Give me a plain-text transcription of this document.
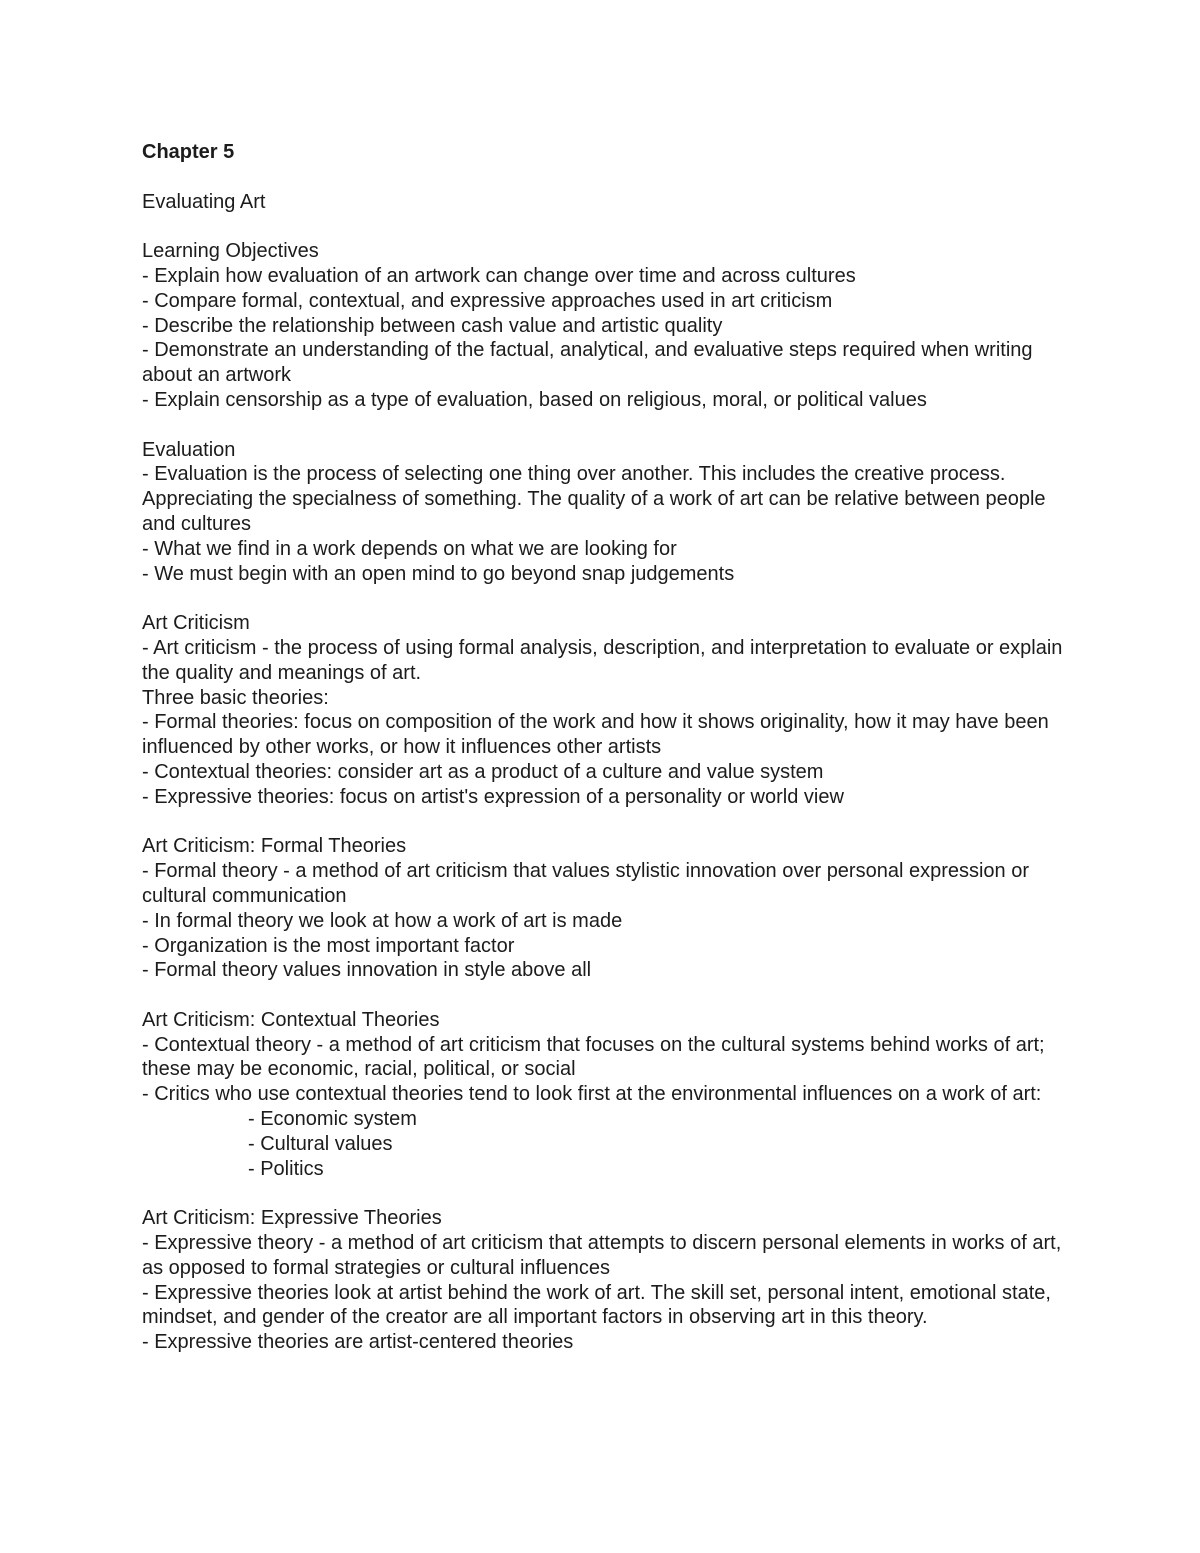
Chapter 5

Evaluating Art

Learning Objectives

- Explain how evaluation of an artwork can change over time and across cultures

- Compare formal, contextual, and expressive approaches used in art criticism

- Describe the relationship between cash value and artistic quality

- Demonstrate an understanding of the factual, analytical, and evaluative steps required when writing about an artwork

- Explain censorship as a type of evaluation, based on religious, moral, or political values

Evaluation

- Evaluation is the process of selecting one thing over another. This includes the creative process. Appreciating the specialness of something. The quality of a work of art can be relative between people and cultures

- What we find in a work depends on what we are looking for

- We must begin with an open mind to go beyond snap judgements

Art Criticism

- Art criticism - the process of using formal analysis, description, and interpretation to evaluate or explain the quality and meanings of art.

Three basic theories:

- Formal theories: focus on composition of the work and how it shows originality, how it may have been influenced by other works, or how it influences other artists

- Contextual theories: consider art as a product of a culture and value system

- Expressive theories: focus on artist's expression of a personality or world view

Art Criticism: Formal Theories

- Formal theory - a method of art criticism that values stylistic innovation over personal expression or cultural communication

- In formal theory we look at how a work of art is made

- Organization is the most important factor

- Formal theory values innovation in style above all

Art Criticism: Contextual Theories

- Contextual theory - a method of art criticism that focuses on the cultural systems behind works of art; these may be economic, racial, political, or social

- Critics who use contextual theories tend to look first at the environmental influences on a work of art:

- Economic system

- Cultural values

- Politics

Art Criticism: Expressive Theories

- Expressive theory - a method of art criticism that attempts to discern personal elements in works of art, as opposed to formal strategies or cultural influences

- Expressive theories look at artist behind the work of art. The skill set, personal intent, emotional state, mindset, and gender of the creator are all important factors in observing art in this theory.

- Expressive theories are artist-centered theories
